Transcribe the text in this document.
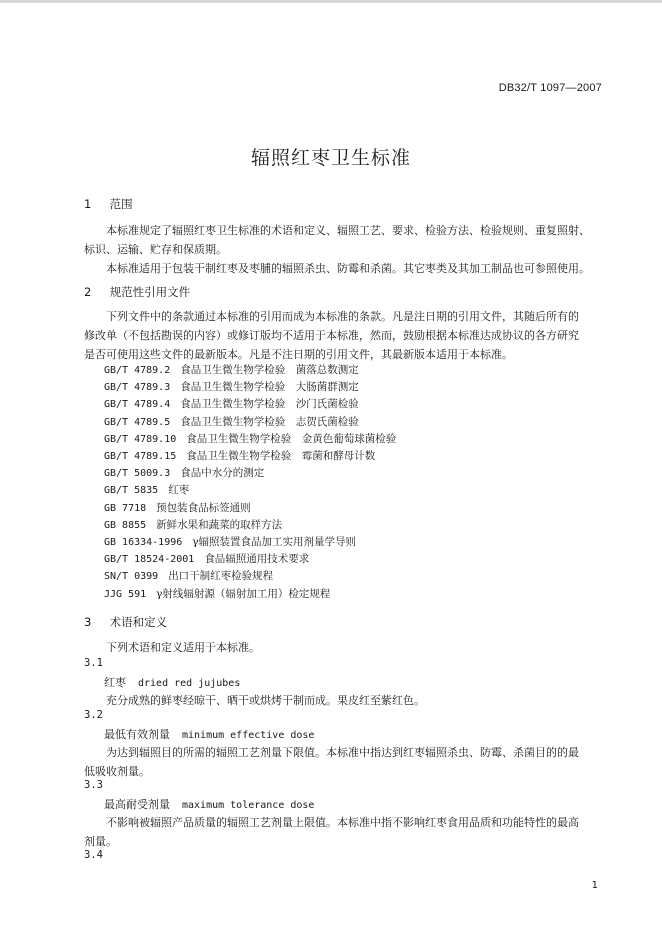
DB32/T 1097—2007
辐照红枣卫生标准
1 范围
本标准规定了辐照红枣卫生标准的术语和定义、辐照工艺、要求、检验方法、检验规则、重复照射、
标识、运输、贮存和保质期。
本标准适用于包装干制红枣及枣脯的辐照杀虫、防霉和杀菌。其它枣类及其加工制品也可参照使用。
2 规范性引用文件
下列文件中的条款通过本标准的引用而成为本标准的条款。凡是注日期的引用文件，其随后所有的
修改单（不包括勘误的内容）或修订版均不适用于本标准，然而，鼓励根据本标准达成协议的各方研究
是否可使用这些文件的最新版本。凡是不注日期的引用文件，其最新版本适用于本标准。
GB/T 4789.2 食品卫生微生物学检验　菌落总数测定
GB/T 4789.3 食品卫生微生物学检验　大肠菌群测定
GB/T 4789.4 食品卫生微生物学检验　沙门氏菌检验
GB/T 4789.5 食品卫生微生物学检验　志贺氏菌检验
GB/T 4789.10 食品卫生微生物学检验　金黄色葡萄球菌检验
GB/T 4789.15 食品卫生微生物学检验　霉菌和酵母计数
GB/T 5009.3 食品中水分的测定
GB/T 5835 红枣
GB 7718 预包装食品标签通则
GB 8855 新鲜水果和蔬菜的取样方法
GB 16334-1996 γ辐照装置食品加工实用剂量学导则
GB/T 18524-2001 食品辐照通用技术要求
SN/T 0399 出口干制红枣检验规程
JJG 591 γ射线辐射源（辐射加工用）检定规程
3 术语和定义
下列术语和定义适用于本标准。
3.1
红枣 dried red jujubes
充分成熟的鲜枣经晾干、晒干或烘烤干制而成。果皮红至紫红色。
3.2
最低有效剂量 minimum effective dose
为达到辐照目的所需的辐照工艺剂量下限值。本标准中指达到红枣辐照杀虫、防霉、杀菌目的的最
低吸收剂量。
3.3
最高耐受剂量 maximum tolerance dose
不影响被辐照产品质量的辐照工艺剂量上限值。本标准中指不影响红枣食用品质和功能特性的最高
剂量。
3.4
1
